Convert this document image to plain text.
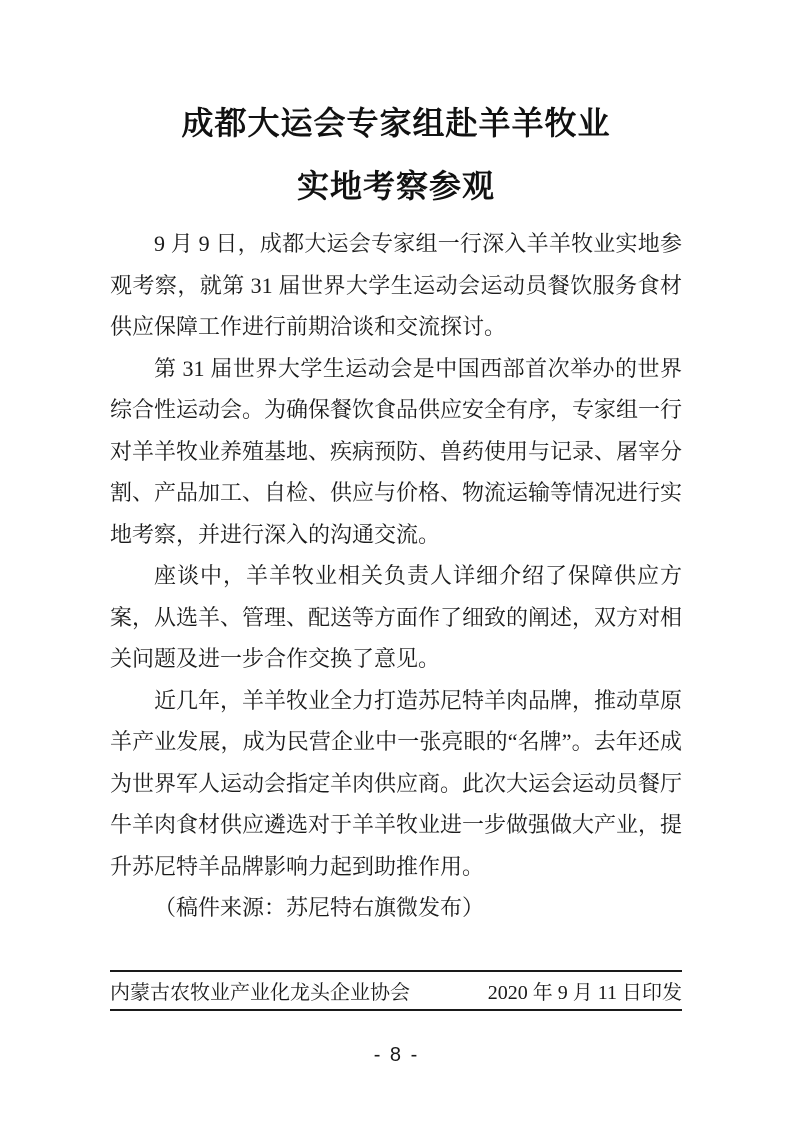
成都大运会专家组赴羊羊牧业
实地考察参观

9 月 9 日，成都大运会专家组一行深入羊羊牧业实地参观考察，就第 31 届世界大学生运动会运动员餐饮服务食材供应保障工作进行前期洽谈和交流探讨。

第 31 届世界大学生运动会是中国西部首次举办的世界综合性运动会。为确保餐饮食品供应安全有序，专家组一行对羊羊牧业养殖基地、疾病预防、兽药使用与记录、屠宰分割、产品加工、自检、供应与价格、物流运输等情况进行实地考察，并进行深入的沟通交流。

座谈中，羊羊牧业相关负责人详细介绍了保障供应方案，从选羊、管理、配送等方面作了细致的阐述，双方对相关问题及进一步合作交换了意见。

近几年，羊羊牧业全力打造苏尼特羊肉品牌，推动草原羊产业发展，成为民营企业中一张亮眼的“名牌”。去年还成为世界军人运动会指定羊肉供应商。此次大运会运动员餐厅牛羊肉食材供应遴选对于羊羊牧业进一步做强做大产业，提升苏尼特羊品牌影响力起到助推作用。

（稿件来源：苏尼特右旗微发布）

内蒙古农牧业产业化龙头企业协会	2020 年 9 月 11 日印发
- 8 -
